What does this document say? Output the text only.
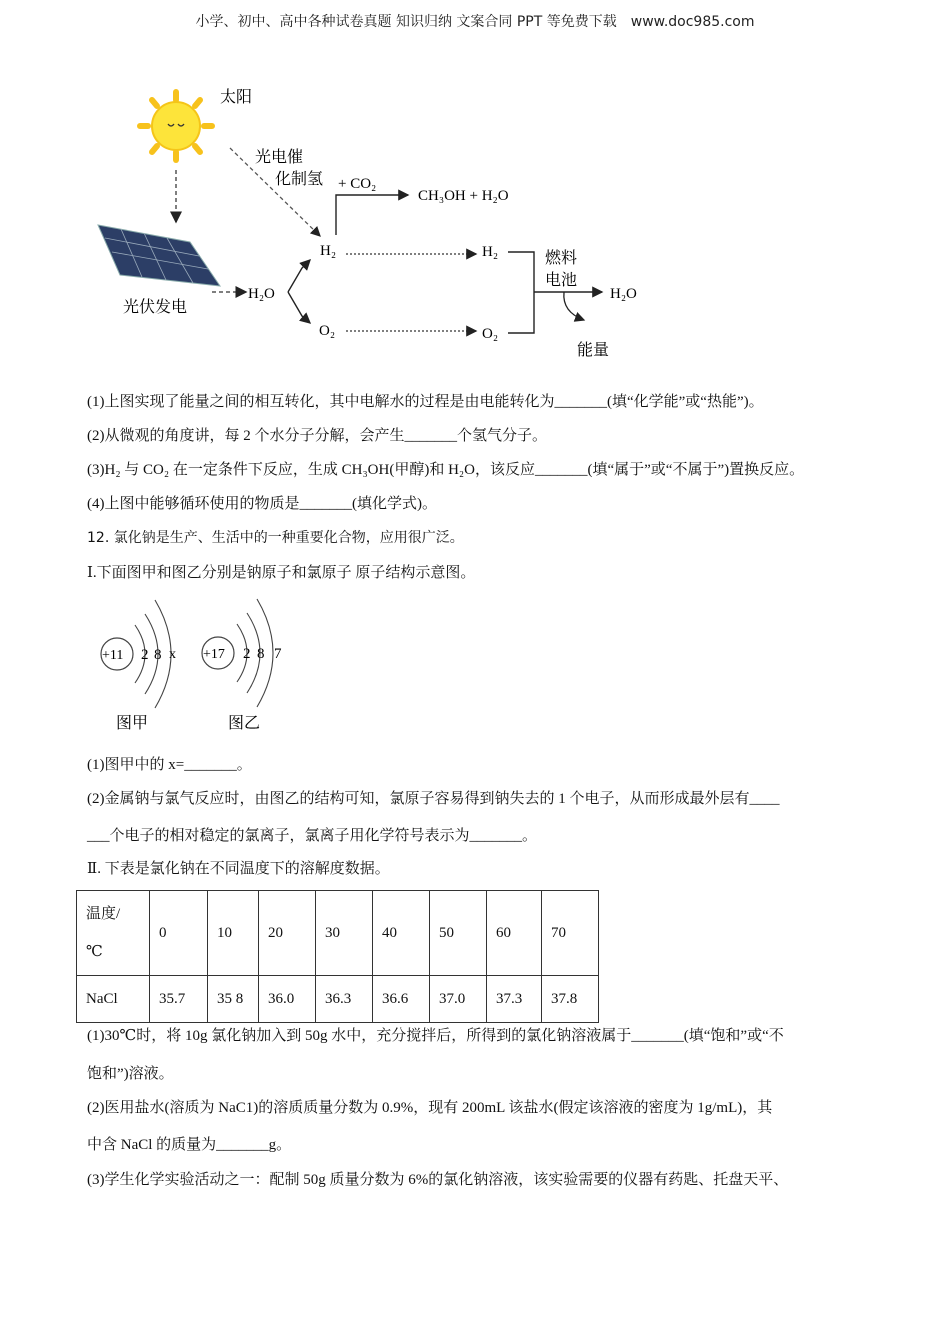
小学、初中、高中各种试卷真题 知识归纳 文案合同 PPT 等免费下载 www.doc985.com
太阳
光伏发电
H₂O
光电催
化制氢
H₂
O₂
+ CO₂
CH₃OH + H₂O
H₂
O₂
燃料
电池
H₂O
能量
(1)上图实现了能量之间的相互转化，其中电解水的过程是由电能转化为_______(填“化学能”或“热能”)。
(2)从微观的角度讲，每 2 个水分子分解，会产生_______个氢气分子。
(3)H₂ 与 CO₂ 在一定条件下反应，生成 CH₃OH(甲醇)和 H₂O，该反应_______(填“属于”或“不属于”)置换反应。
(4)上图中能够循环使用的物质是_______(填化学式)。
12. 氯化钠是生产、生活中的一种重要化合物，应用很广泛。
Ⅰ.下面图甲和图乙分别是钠原子和氯原子 原子结构示意图。
+11 2 8 x
图甲
+17 2 8 7
图乙
(1)图甲中的 x=_______。
(2)金属钠与氯气反应时，由图乙的结构可知，氯原子容易得到钠失去的 1 个电子，从而形成最外层有____
___个电子的相对稳定的氯离子，氯离子用化学符号表示为_______。
Ⅱ. 下表是氯化钠在不同温度下的溶解度数据。
温度/
℃	0	10	20	30	40	50	60	70
NaCl	35.7	35 8	36.0	36.3	36.6	37.0	37.3	37.8
(1)30℃时，将 10g 氯化钠加入到 50g 水中，充分搅拌后，所得到的氯化钠溶液属于_______(填“饱和”或“不
饱和”)溶液。
(2)医用盐水(溶质为 NaC1)的溶质质量分数为 0.9%，现有 200mL 该盐水(假定该溶液的密度为 1g/mL)，其
中含 NaCl 的质量为_______g。
(3)学生化学实验活动之一：配制 50g 质量分数为 6%的氯化钠溶液，该实验需要的仪器有药匙、托盘天平、
